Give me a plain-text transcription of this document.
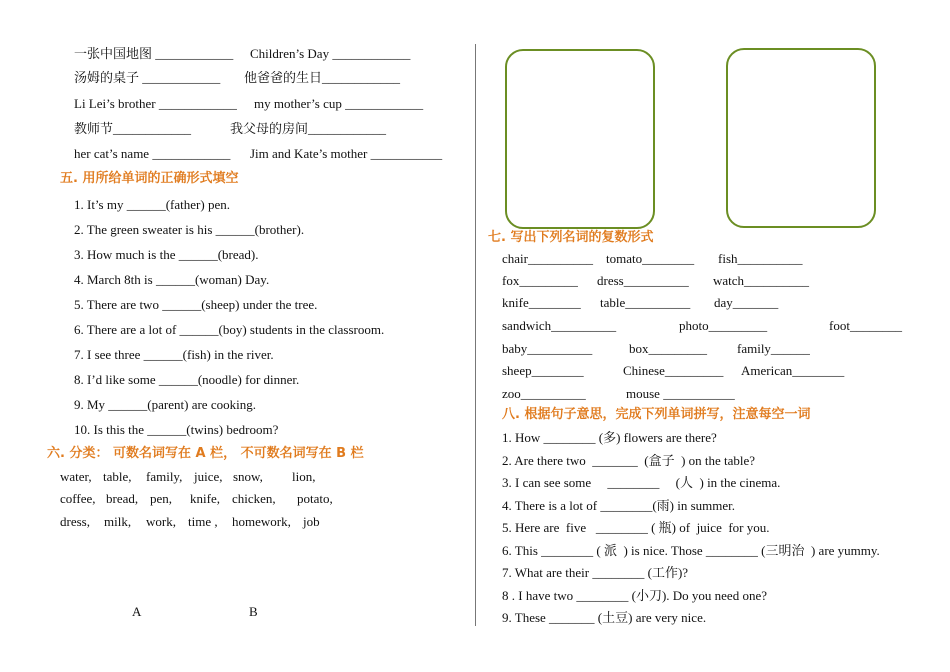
一张中国地图 ____________ Children’s Day ____________
汤姆的桌子 ____________ 他爸爸的生日____________
Li Lei’s brother ____________ my mother’s cup ____________
教师节____________	我父母的房间____________
her cat’s name ____________ Jim and Kate’s mother ___________
五. 用所给单词的正确形式填空
1. It’s my ______(father) pen.
2. The green sweater is his ______(brother).
3. How much is the ______(bread).
4. March 8th is ______(woman) Day.
5. There are two ______(sheep) under the tree.
6. There are a lot of ______(boy) students in the classroom.
7. I see three ______(fish) in the river.
8. I’d like some ______(noodle) for dinner.
9. My ______(parent) are cooking.
10. Is this the ______(twins) bedroom?
六. 分类： 可数名词写在 A 栏， 不可数名词写在 B 栏
water, table, family, juice, snow, lion,
coffee, bread, pen, knife, chicken, potato,
dress, milk, work, time , homework, job
A	B
七. 写出下列名词的复数形式
chair__________ tomato________ fish__________
fox_________ dress__________ watch__________
knife________ table__________ day_______
sandwich__________	photo_________	foot________
baby__________	box_________ family______
sheep________	Chinese_________ American________
zoo__________	mouse ___________
八. 根据句子意思，完成下列单词拼写，注意每空一词
1. How ________ (多) flowers are there?
2. Are there two  _______  (盒子  ) on the table?
3. I can see some     ________     (人  ) in the cinema.
4. There is a lot of ________(雨) in summer.
5. Here are  five   ________ ( 瓶) of  juice  for you.
6. This ________ ( 派  ) is nice. Those ________ (三明治  ) are yummy.
7. What are their ________ (工作)?
8 . I have two ________ (小刀). Do you need one?
9. These _______ (土豆) are very nice.
